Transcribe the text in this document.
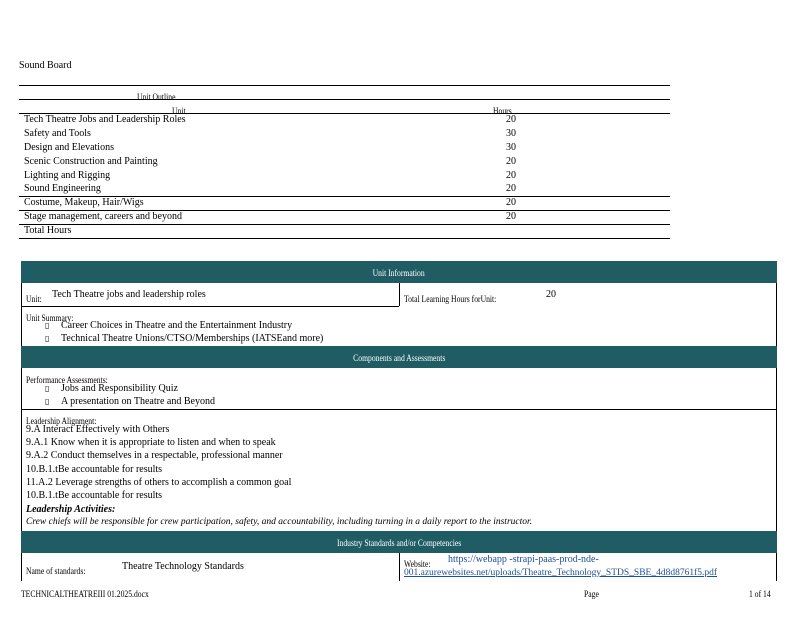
Sound Board
Unit Outline
Unit	Hours
Tech Theatre Jobs and Leadership Roles	20
Safety and Tools	30
Design and Elevations	30
Scenic Construction and Painting	20
Lighting and Rigging	20
Sound Engineering	20
Costume, Makeup, Hair/Wigs	20
Stage management, careers and beyond	20
Total Hours
Unit Information
Unit: Tech Theatre jobs and leadership roles	Total Learning Hours forUnit:	20
Unit Summary:
▯ Career Choices in Theatre and the Entertainment Industry
▯ Technical Theatre Unions/CTSO/Memberships (IATSEand more)
Components and Assessments
Performance Assessments:
▯ Jobs and Responsibility Quiz
▯ A presentation on Theatre and Beyond
Leadership Alignment:
9.A Interact Effectively with Others
9.A.1 Know when it is appropriate to listen and when to speak
9.A.2 Conduct themselves in a respectable, professional manner
10.B.1.tBe accountable for results
11.A.2 Leverage strengths of others to accomplish a common goal
10.B.1.tBe accountable for results
Leadership Activities:
Crew chiefs will be responsible for crew participation, safety, and accountability, including turning in a daily report to the instructor.
Industry Standards and/or Competencies
Name of standards:	Theatre Technology Standards	Website:	https://webapp -strapi-paas-prod-nde-
001.azurewebsites.net/uploads/Theatre_Technology_STDS_SBE_4d8d8761f5.pdf
TECHNICALTHEATREIII 01.2025.docx	Page	1 of 14
